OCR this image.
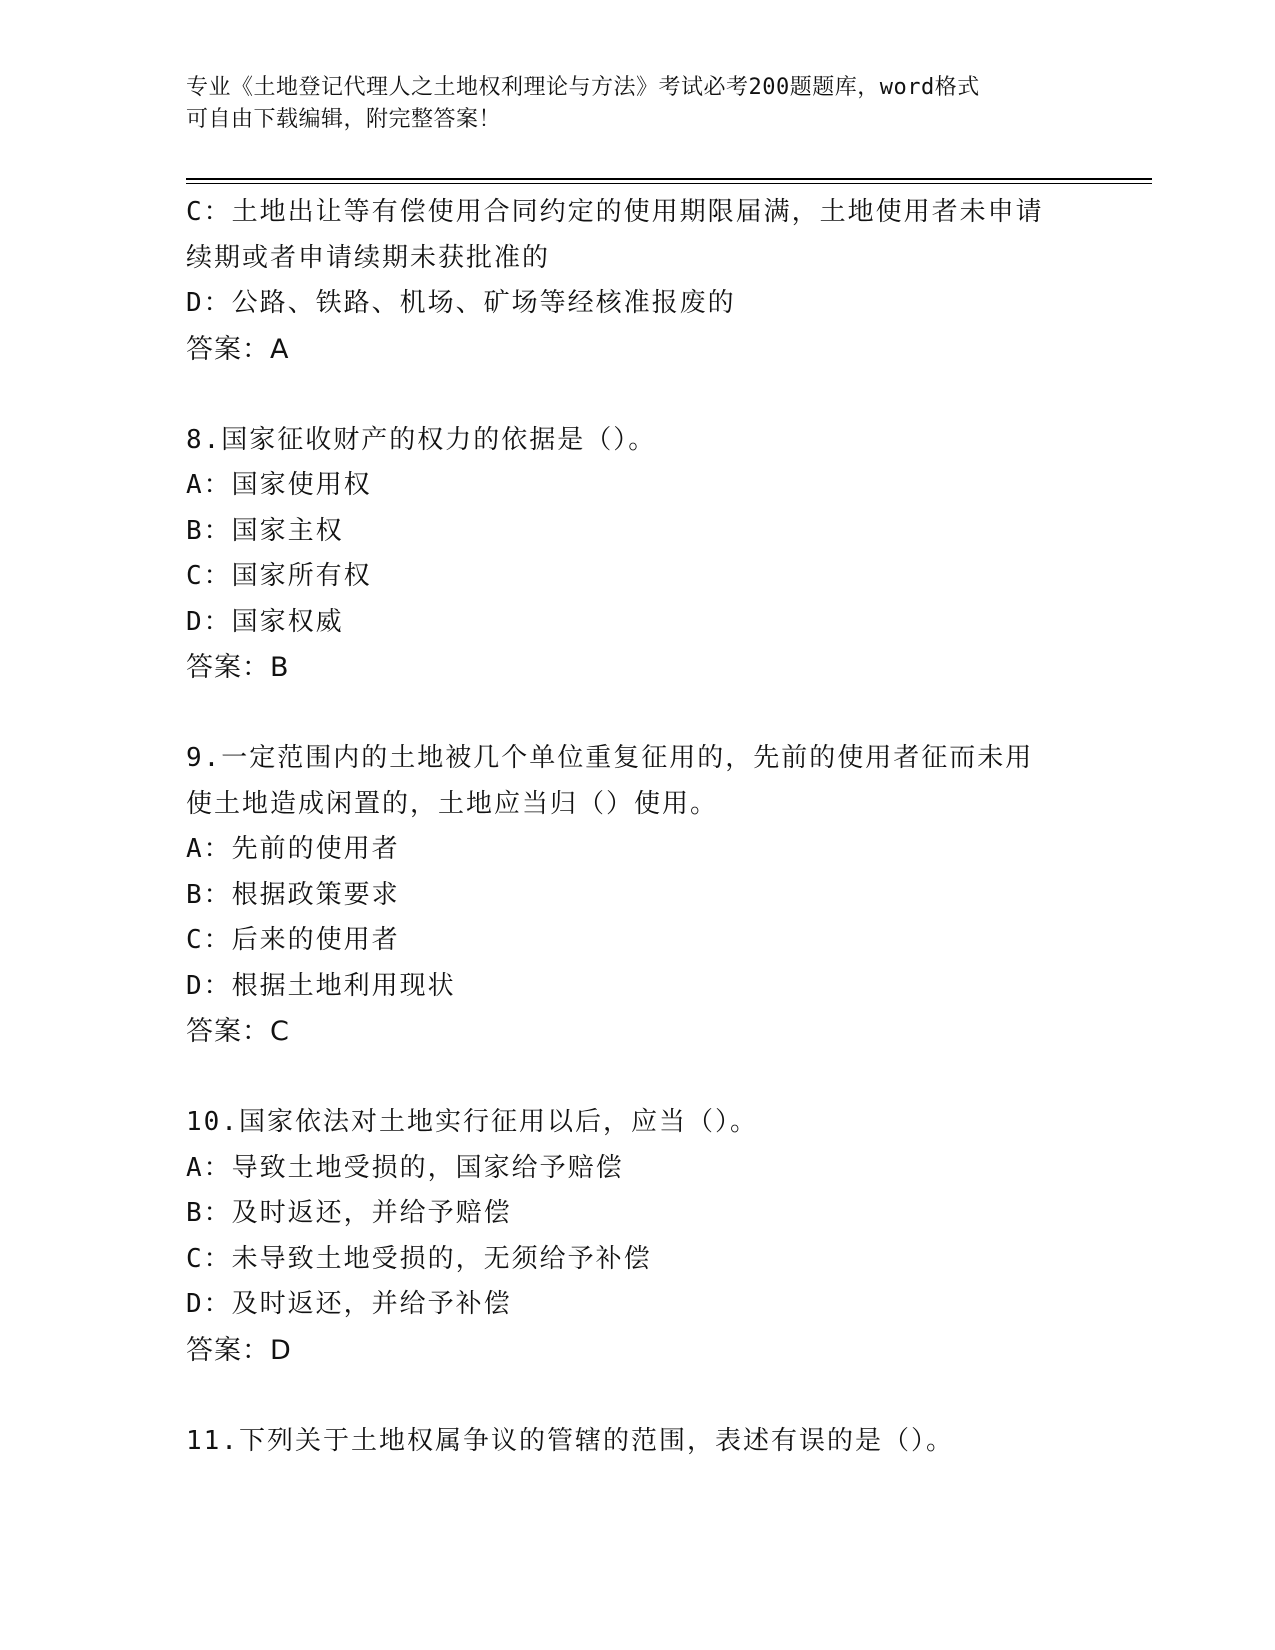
专业《土地登记代理人之土地权利理论与方法》考试必考200题题库，word格式
可自由下载编辑，附完整答案！
C：土地出让等有偿使用合同约定的使用期限届满，土地使用者未申请
续期或者申请续期未获批准的
D：公路、铁路、机场、矿场等经核准报废的
答案：A
8.国家征收财产的权力的依据是（）。
A：国家使用权
B：国家主权
C：国家所有权
D：国家权威
答案：B
9.一定范围内的土地被几个单位重复征用的，先前的使用者征而未用
使土地造成闲置的，土地应当归（）使用。
A：先前的使用者
B：根据政策要求
C：后来的使用者
D：根据土地利用现状
答案：C
10.国家依法对土地实行征用以后，应当（）。
A：导致土地受损的，国家给予赔偿
B：及时返还，并给予赔偿
C：未导致土地受损的，无须给予补偿
D：及时返还，并给予补偿
答案：D
11.下列关于土地权属争议的管辖的范围，表述有误的是（）。
